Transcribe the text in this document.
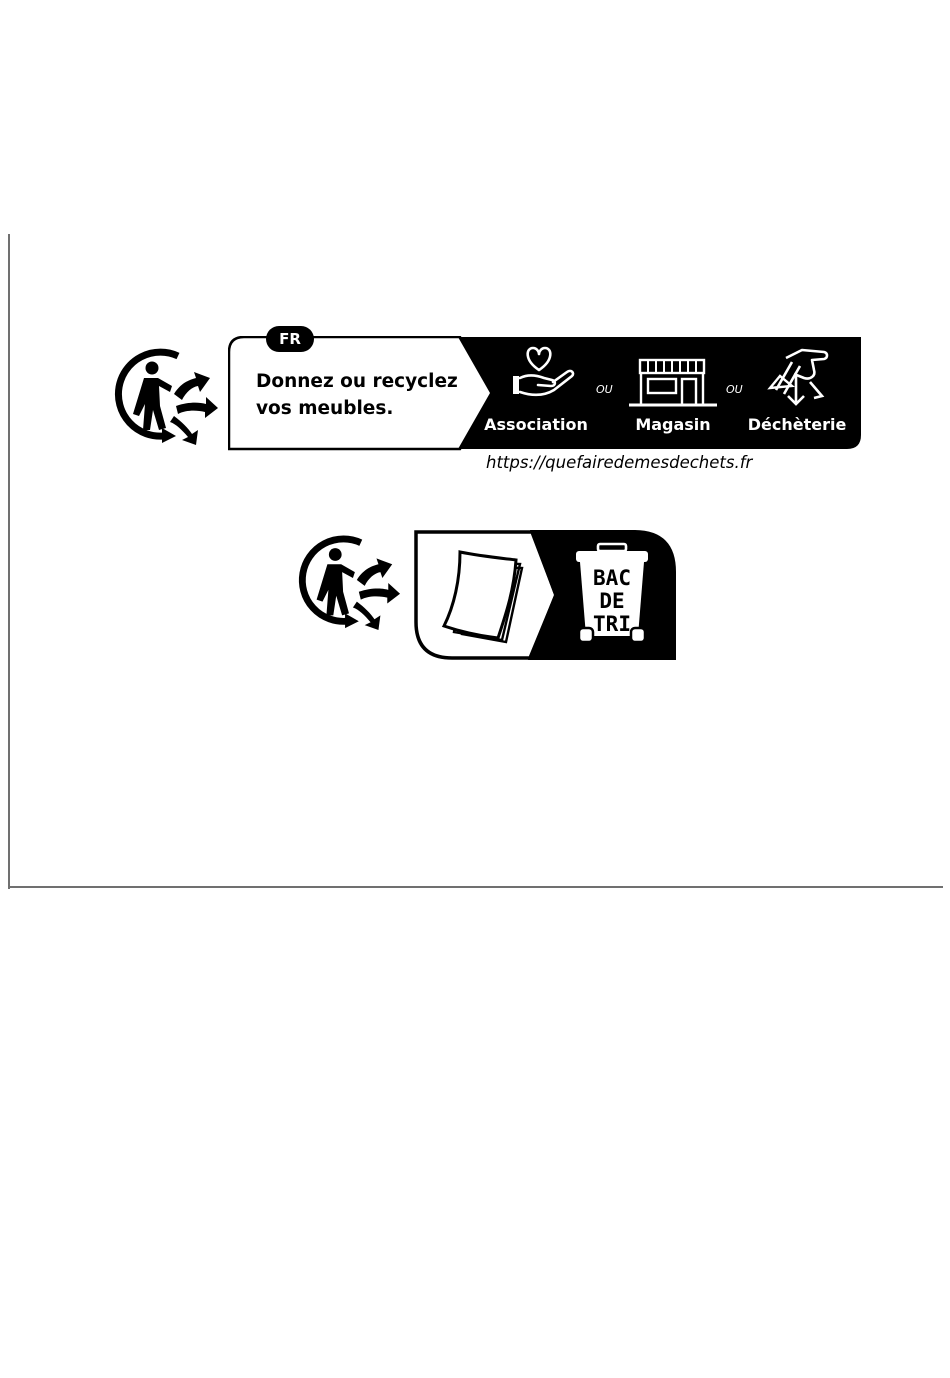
FR
Donnez ou recyclez
vos meubles.
Association
OU
Magasin
OU
Déchèterie
https://quefairedemesdechets.fr
BAC
DE
TRI
